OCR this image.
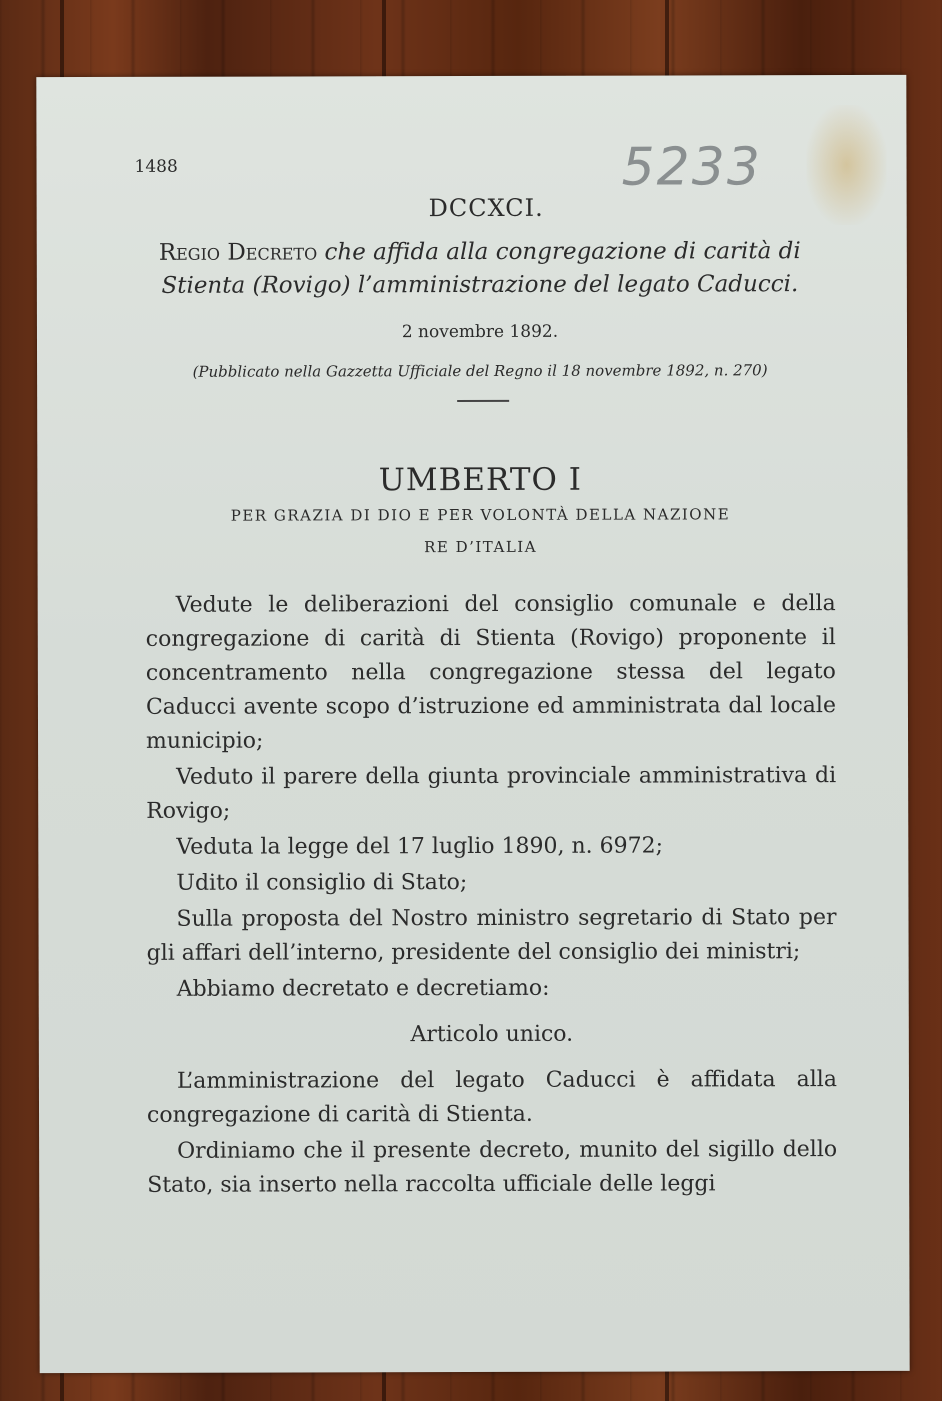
1488	5233
DCCXCI.
Regio Decreto che affida alla congregazione di carità di Stienta (Rovigo) l’amministrazione del legato Caducci.
2 novembre 1892.
(Pubblicato nella Gazzetta Ufficiale del Regno il 18 novembre 1892, n. 270)
UMBERTO I
PER GRAZIA DI DIO E PER VOLONTÀ DELLA NAZIONE
RE D’ITALIA

Vedute le deliberazioni del consiglio comunale e della congregazione di carità di Stienta (Rovigo) proponente il concentramento nella congregazione stessa del legato Caducci avente scopo d’istruzione ed amministrata dal locale municipio;

Veduto il parere della giunta provinciale amministrativa di Rovigo;

Veduta la legge del 17 luglio 1890, n. 6972;

Udito il consiglio di Stato;

Sulla proposta del Nostro ministro segretario di Stato per gli affari dell’interno, presidente del consiglio dei ministri;

Abbiamo decretato e decretiamo:

Articolo unico.

L’amministrazione del legato Caducci è affidata alla congregazione di carità di Stienta.

Ordiniamo che il presente decreto, munito del sigillo dello Stato, sia inserto nella raccolta ufficiale delle leggi
